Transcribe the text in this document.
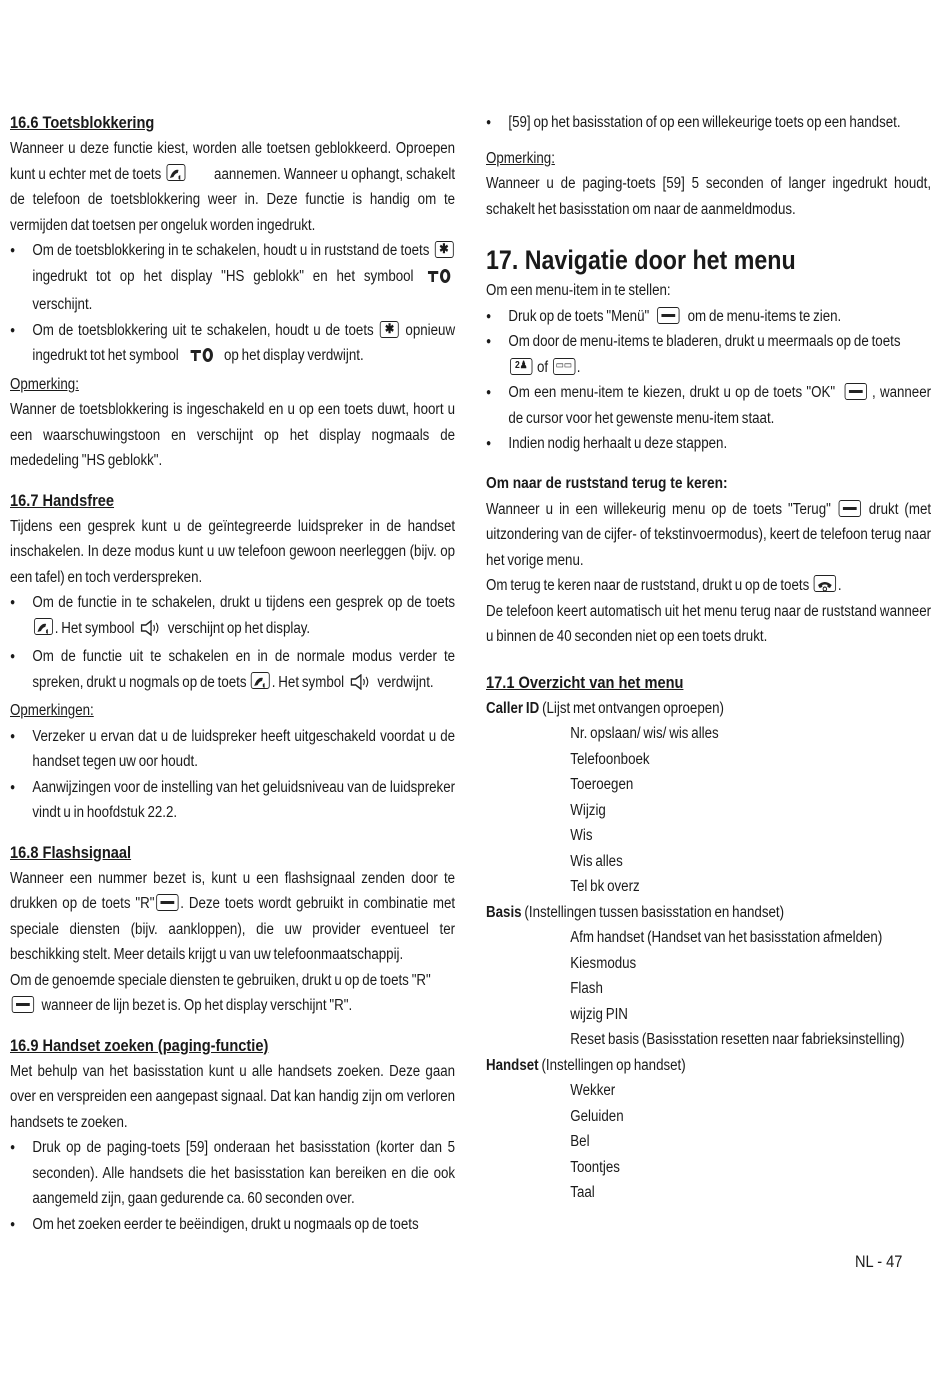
16.6 Toetsblokkering

Wanneer u deze functie kiest, worden alle toetsen geblokkeerd. Oproepen kunt u echter met de toets	aannemen. Wanneer u ophangt, schakelt de telefoon de toetsblokkering weer in. Deze functie is handig om te vermijden dat toetsen per ongeluk worden ingedrukt.

● Om de toetsblokkering in te schakelen, houdt u in ruststand de toets ✱
ingedrukt tot op het display "HS geblokk" en het symbool  verschijnt.

● Om de toetsblokkering uit te schakelen, houdt u de toets ✱ opnieuw ingedrukt tot het symbool	op het display verdwijnt.

Opmerking:

Wanner de toetsblokkering is ingeschakeld en u op een toets duwt, hoort u een waarschuwingstoon en verschijnt op het display nogmaals de mededeling "HS geblokk".

16.7 Handsfree

Tijdens een gesprek kunt u de geïntegreerde luidspreker in de handset inschakelen. In deze modus kunt u uw telefoon gewoon neerleggen (bijv. op een tafel) en toch verderspreken.

● Om de functie in te schakelen, drukt u tijdens een gesprek op de toets . Het symbool verschijnt op het display.

● Om de functie uit te schakelen en in de normale modus verder te spreken, drukt u nogmals op de toets . Het symbol verdwijnt.

Opmerkingen:

● Verzeker u ervan dat u de luidspreker heeft uitgeschakeld voordat u de handset tegen uw oor houdt.

● Aanwijzingen voor de instelling van het geluidsniveau van de luidspreker vindt u in hoofdstuk 22.2.

16.8 Flashsignaal

Wanneer een nummer bezet is, kunt u een flashsignaal zenden door te drukken op de toets "R" . Deze toets wordt gebruikt in combinatie met speciale diensten (bijv. aankloppen), die uw provider eventueel ter beschikking stelt. Meer details krijgt u van uw telefoonmaatschappij.

Om de genoemde speciale diensten te gebruiken, drukt u op de toets "R"

wanneer de lijn bezet is. Op het display verschijnt "R".

16.9 Handset zoeken (paging-functie)

Met behulp van het basisstation kunt u alle handsets zoeken. Deze gaan over en verspreiden een aangepast signaal. Dat kan handig zijn om verloren handsets te zoeken.

● Druk op de paging-toets [59] onderaan het basisstation (korter dan 5 seconden). Alle handsets die het basisstation kan bereiken en die ook aangemeld zijn, gaan gedurende ca. 60 seconden over.

● Om het zoeken eerder te beëindigen, drukt u nogmaals op de toets

● [59] op het basisstation of op een willekeurige toets op een handset.

Opmerking:

Wanneer u de paging-toets [59] 5 seconden of langer ingedrukt houdt, schakelt het basisstation om naar de aanmeldmodus.

17. Navigatie door het menu

Om een menu-item in te stellen:

● Druk op de toets "Menü" om de menu-items te zien.

● Om door de menu-items te bladeren, drukt u meermaals op de toets

2♟ of ▭▭ .

● Om een menu-item te kiezen, drukt u op de toets "OK" , wanneer de cursor voor het gewenste menu-item staat.

● Indien nodig herhaalt u deze stappen.

Om naar de ruststand terug te keren:

Wanneer u in een willekeurig menu op de toets "Terug" drukt (met uitzondering van de cijfer- of tekstinvoermodus), keert de telefoon terug naar het vorige menu.

Om terug te keren naar de ruststand, drukt u op de toets .

De telefoon keert automatisch uit het menu terug naar de ruststand wanneer u binnen de 40 seconden niet op een toets drukt.

17.1 Overzicht van het menu

Caller ID (Lijst met ontvangen oproepen)

Nr. opslaan/ wis/ wis alles

Telefoonboek

Toeroegen

Wijzig

Wis

Wis alles

Tel bk overz

Basis (Instellingen tussen basisstation en handset)

Afm handset (Handset van het basisstation afmelden)

Kiesmodus

Flash

wijzig PIN

Reset basis (Basisstation resetten naar fabrieksinstelling)

Handset (Instellingen op handset)

Wekker

Geluiden

Bel

Toontjes

Taal

NL - 47
